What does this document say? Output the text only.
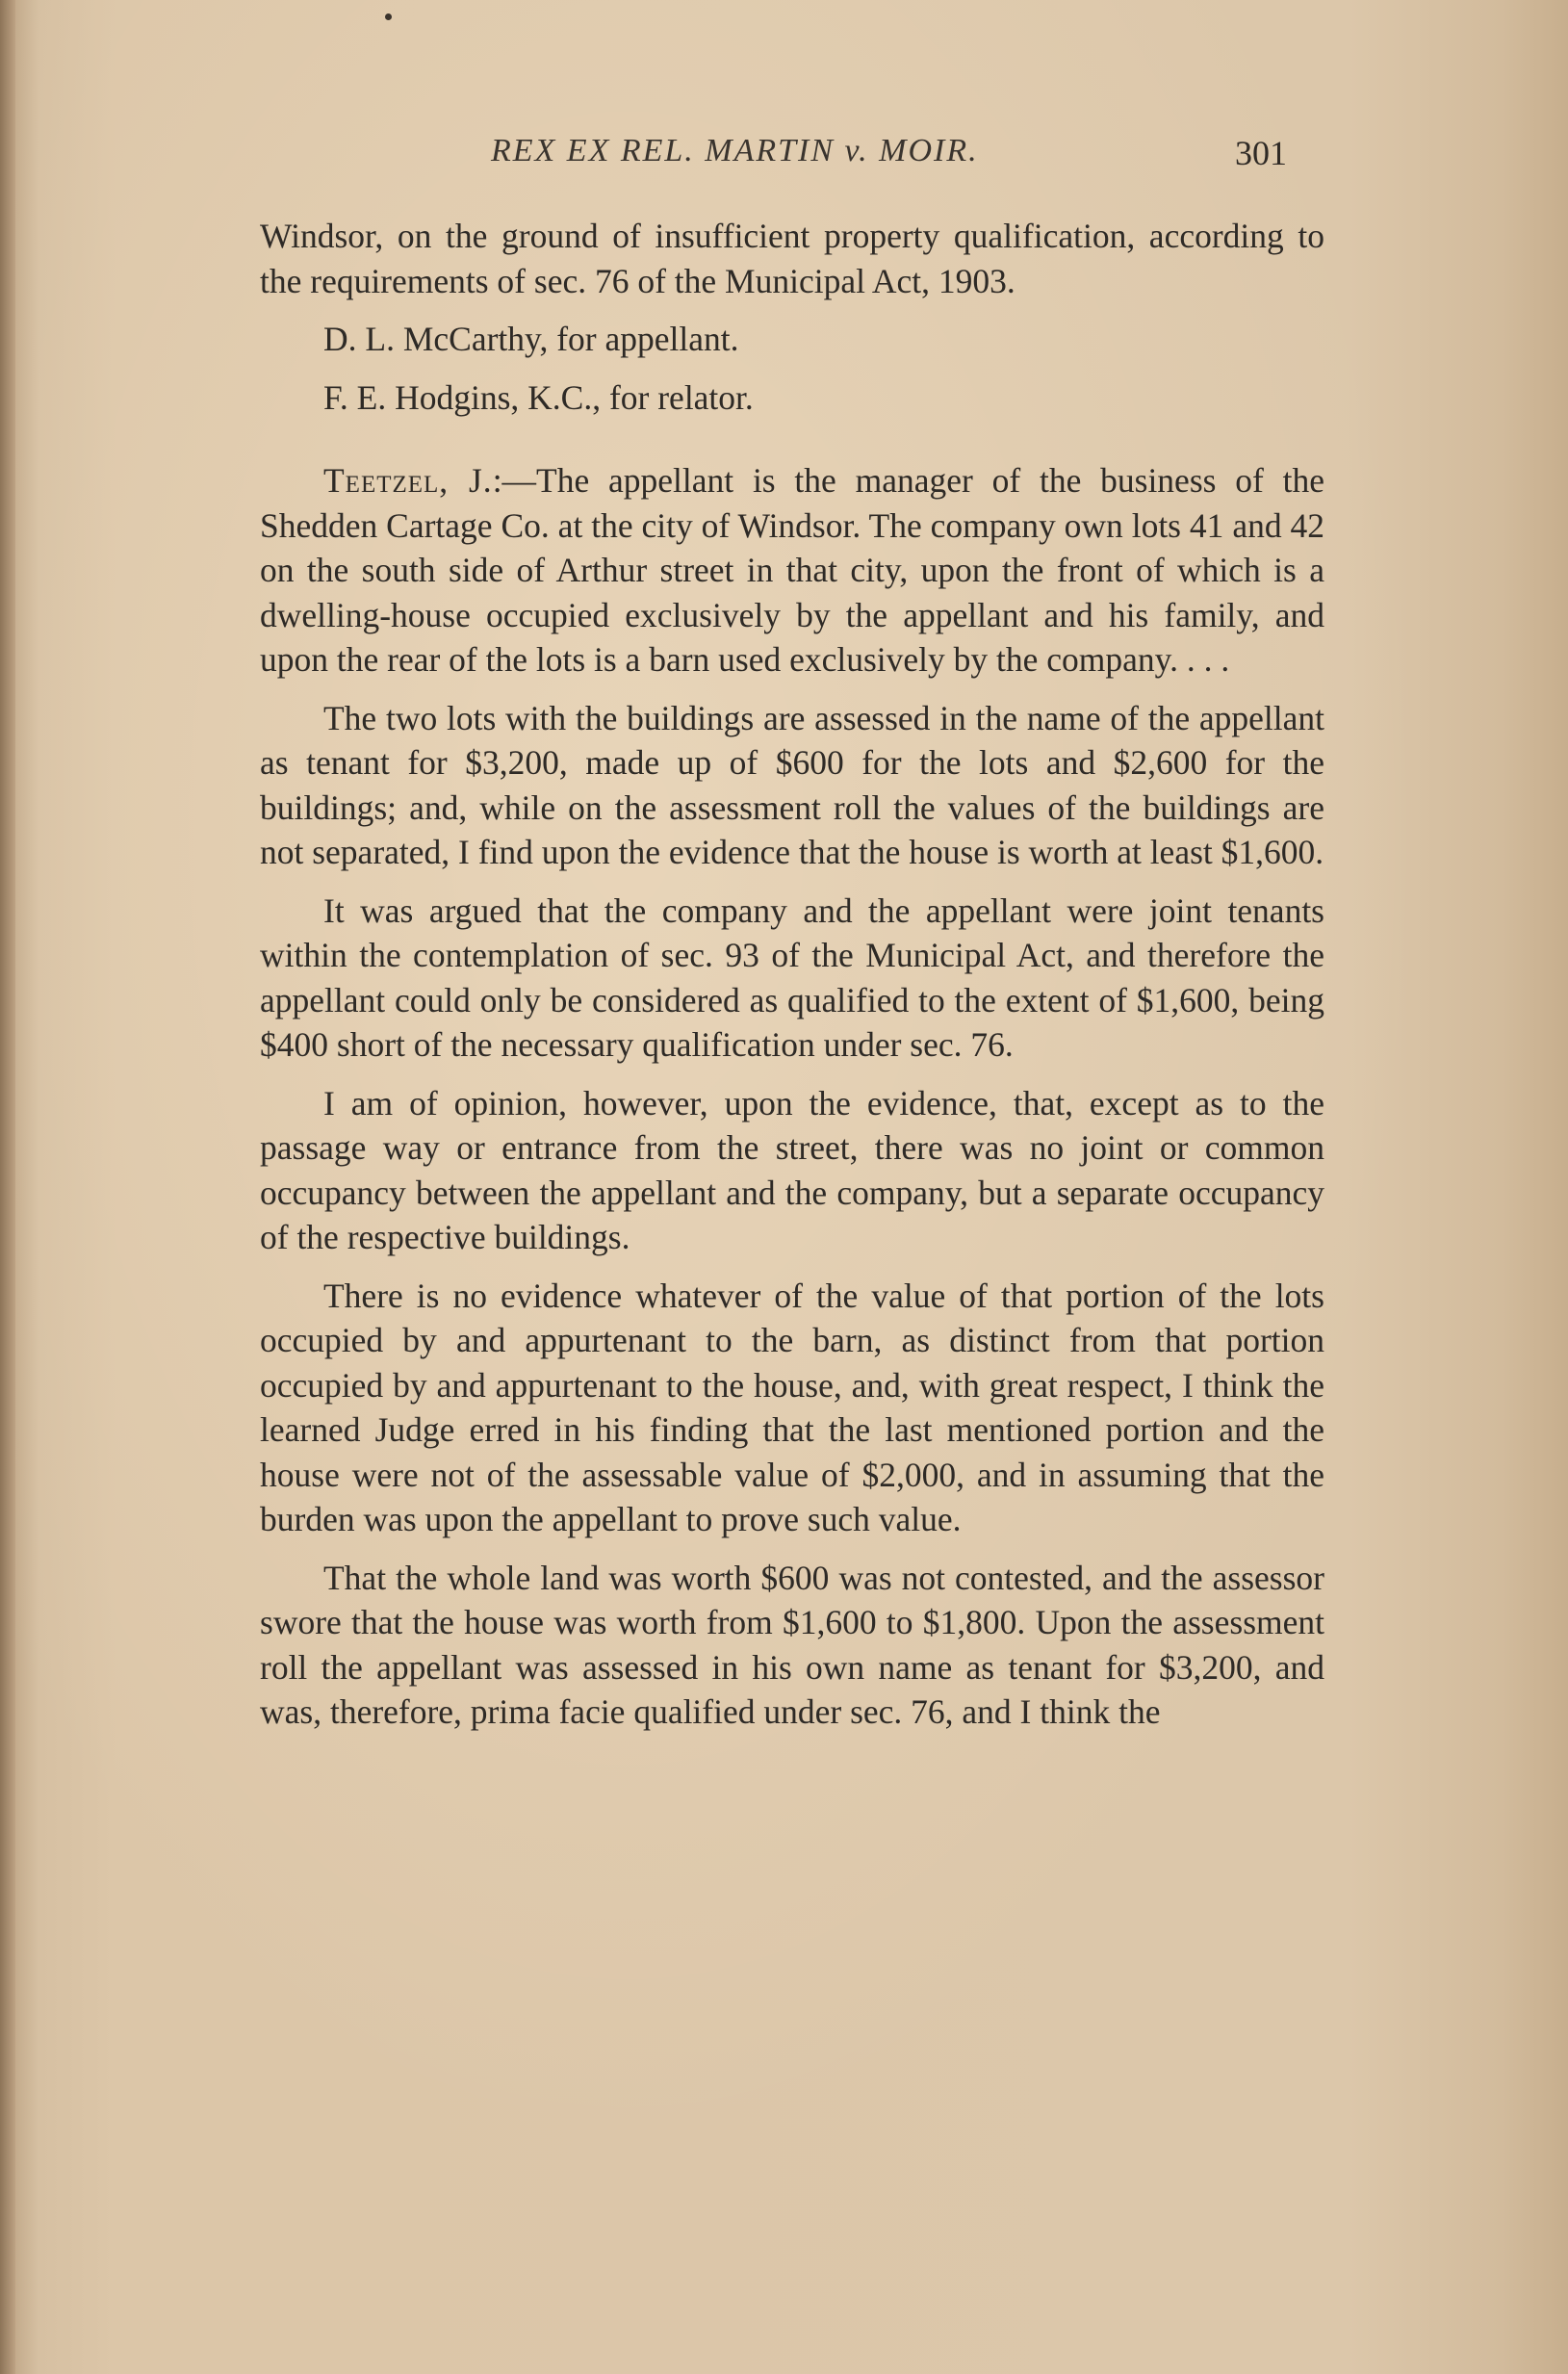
REX EX REL. MARTIN v. MOIR.	301

Windsor, on the ground of insufficient property qualification, according to the requirements of sec. 76 of the Municipal Act, 1903.

D. L. McCarthy, for appellant.

F. E. Hodgins, K.C., for relator.

Teetzel, J.:—The appellant is the manager of the business of the Shedden Cartage Co. at the city of Windsor. The company own lots 41 and 42 on the south side of Arthur street in that city, upon the front of which is a dwelling-house occupied exclusively by the appellant and his family, and upon the rear of the lots is a barn used exclusively by the company. . . .

The two lots with the buildings are assessed in the name of the appellant as tenant for $3,200, made up of $600 for the lots and $2,600 for the buildings; and, while on the assessment roll the values of the buildings are not separated, I find upon the evidence that the house is worth at least $1,600.

It was argued that the company and the appellant were joint tenants within the contemplation of sec. 93 of the Municipal Act, and therefore the appellant could only be considered as qualified to the extent of $1,600, being $400 short of the necessary qualification under sec. 76.

I am of opinion, however, upon the evidence, that, except as to the passage way or entrance from the street, there was no joint or common occupancy between the appellant and the company, but a separate occupancy of the respective buildings.

There is no evidence whatever of the value of that portion of the lots occupied by and appurtenant to the barn, as distinct from that portion occupied by and appurtenant to the house, and, with great respect, I think the learned Judge erred in his finding that the last mentioned portion and the house were not of the assessable value of $2,000, and in assuming that the burden was upon the appellant to prove such value.

That the whole land was worth $600 was not contested, and the assessor swore that the house was worth from $1,600 to $1,800. Upon the assessment roll the appellant was assessed in his own name as tenant for $3,200, and was, therefore, prima facie qualified under sec. 76, and I think the
